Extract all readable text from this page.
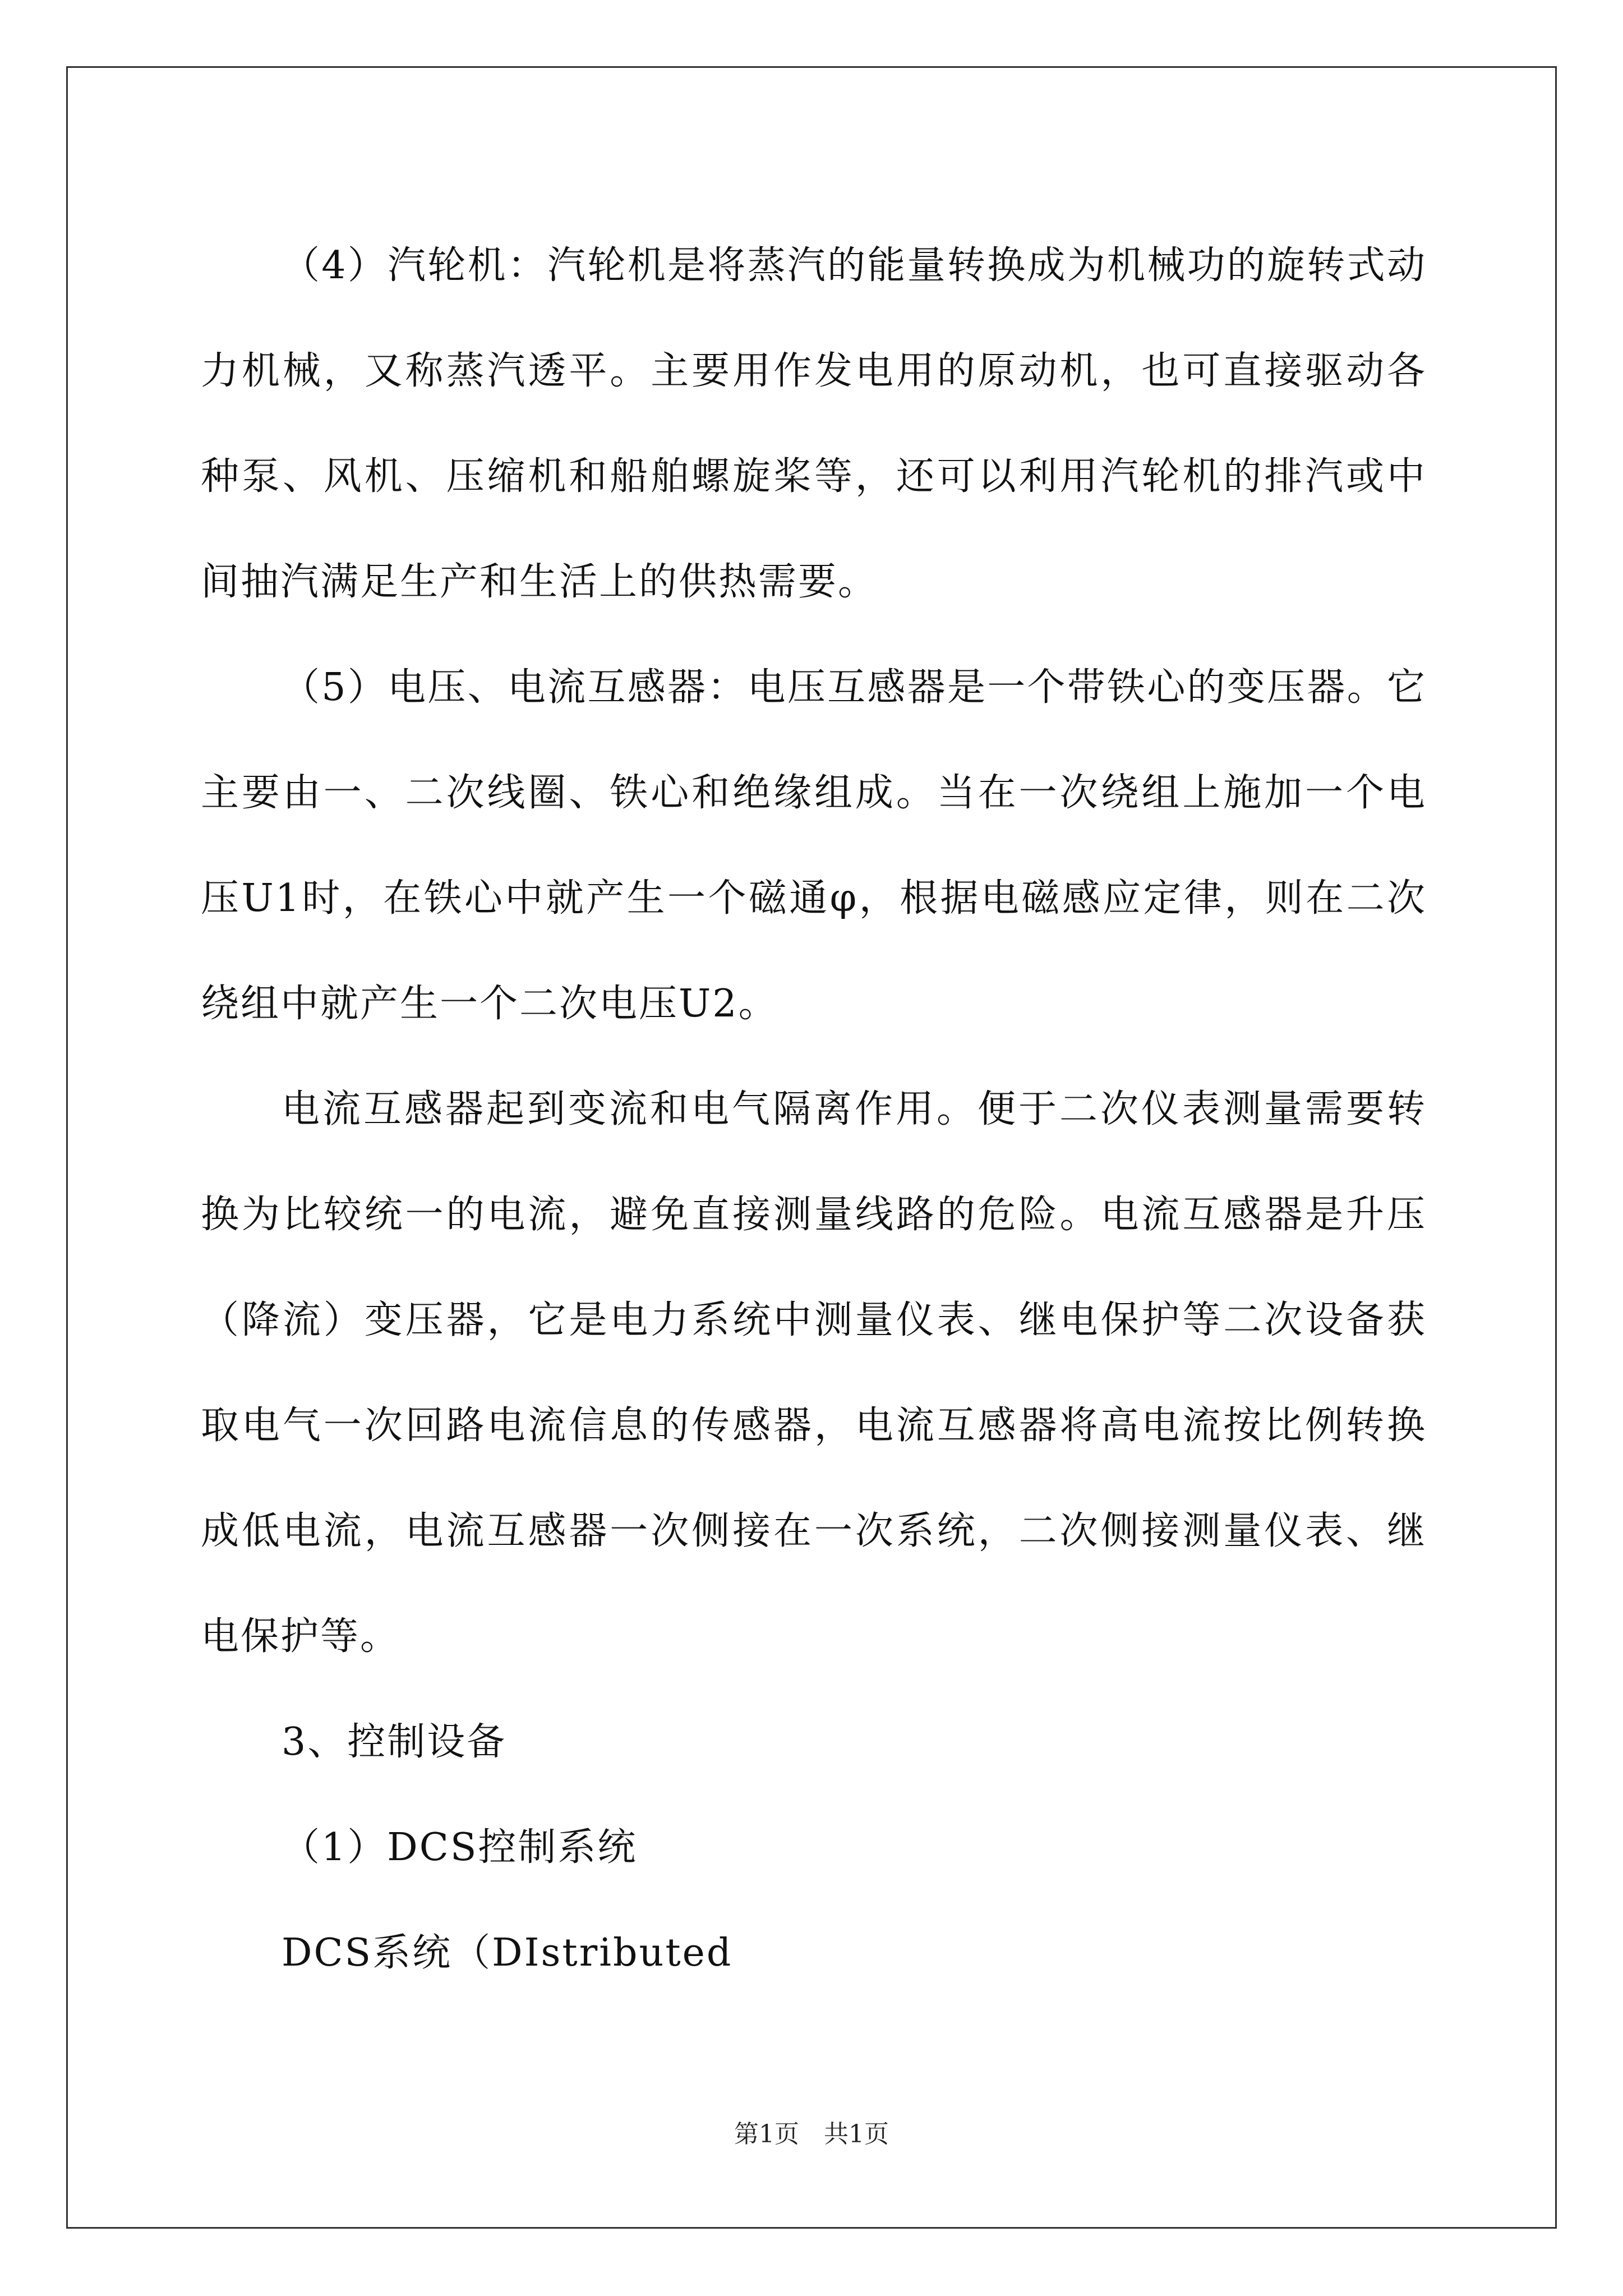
（4）汽轮机：汽轮机是将蒸汽的能量转换成为机械功的旋转式动力机械，又称蒸汽透平。主要用作发电用的原动机，也可直接驱动各种泵、风机、压缩机和船舶螺旋桨等，还可以利用汽轮机的排汽或中间抽汽满足生产和生活上的供热需要。

（5）电压、电流互感器：电压互感器是一个带铁心的变压器。它主要由一、二次线圈、铁心和绝缘组成。当在一次绕组上施加一个电压U1时，在铁心中就产生一个磁通φ，根据电磁感应定律，则在二次绕组中就产生一个二次电压U2。

电流互感器起到变流和电气隔离作用。便于二次仪表测量需要转换为比较统一的电流，避免直接测量线路的危险。电流互感器是升压（降流）变压器，它是电力系统中测量仪表、继电保护等二次设备获取电气一次回路电流信息的传感器，电流互感器将高电流按比例转换成低电流，电流互感器一次侧接在一次系统，二次侧接测量仪表、继电保护等。

3、控制设备

（1）DCS控制系统

DCS系统（DIstributed

第1页　共1页
